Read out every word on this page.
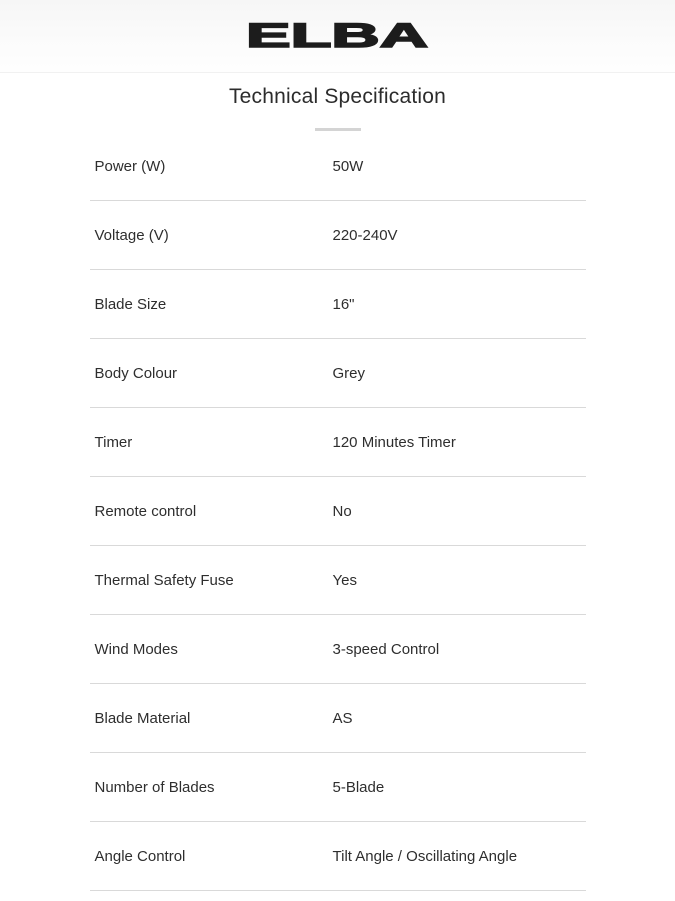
ELBA
Technical Specification
Power (W)	50W
Voltage (V)	220-240V
Blade Size	16"
Body Colour	Grey
Timer	120 Minutes Timer
Remote control	No
Thermal Safety Fuse	Yes
Wind Modes	3-speed Control
Blade Material	AS
Number of Blades	5-Blade
Angle Control	Tilt Angle / Oscillating Angle
